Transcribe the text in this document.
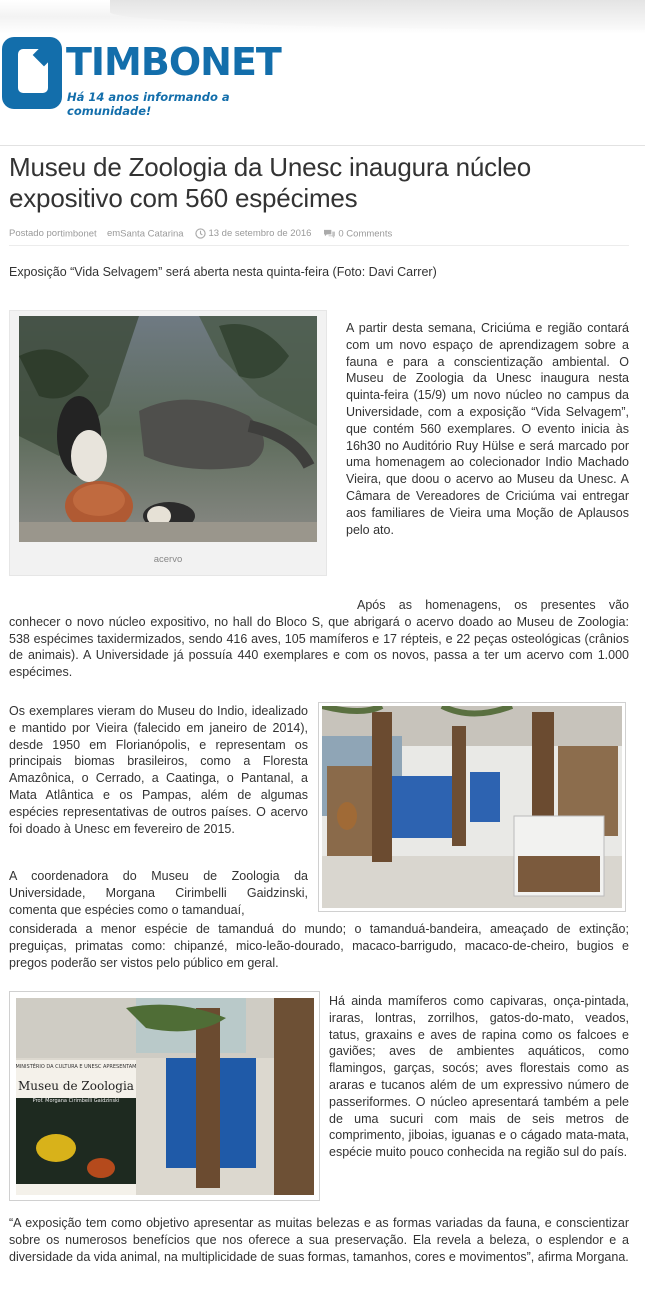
TIMBONET
Há 14 anos informando a comunidade!
Museu de Zoologia da Unesc inaugura núcleo expositivo com 560 espécimes
Postado portimbonet emSanta Catarina	13 de setembro de 2016	0 Comments
Exposição “Vida Selvagem” será aberta nesta quinta-feira (Foto: Davi Carrer)
acervo

A partir desta semana, Criciúma e região contará com um novo espaço de aprendizagem sobre a fauna e para a conscientização ambiental. O Museu de Zoologia da Unesc inaugura nesta quinta-feira (15/9) um novo núcleo no campus da Universidade, com a exposição “Vida Selvagem”, que contém 560 exemplares. O evento inicia às 16h30 no Auditório Ruy Hülse e será marcado por uma homenagem ao colecionador Indio Machado Vieira, que doou o acervo ao Museu da Unesc. A Câmara de Vereadores de Criciúma vai entregar aos familiares de Vieira uma Moção de Aplausos pelo ato.

Após as homenagens, os presentes vão conhecer o novo núcleo expositivo, no hall do Bloco S, que abrigará o acervo doado ao Museu de Zoologia: 538 espécimes taxidermizados, sendo 416 aves, 105 mamíferos e 17 répteis, e 22 peças osteológicas (crânios de animais). A Universidade já possuía 440 exemplares e com os novos, passa a ter um acervo com 1.000 espécimes.

Os exemplares vieram do Museu do Indio, idealizado e mantido por Vieira (falecido em janeiro de 2014), desde 1950 em Florianópolis, e representam os principais biomas brasileiros, como a Floresta Amazônica, o Cerrado, a Caatinga, o Pantanal, a Mata Atlântica e os Pampas, além de algumas espécies representativas de outros países. O acervo foi doado à Unesc em fevereiro de 2015.

A coordenadora do Museu de Zoologia da Universidade, Morgana Cirimbelli Gaidzinski, comenta que espécies como o tamanduaí,

considerada a menor espécie de tamanduá do mundo; o tamanduá-bandeira, ameaçado de extinção; preguiças, primatas como: chipanzé, mico-leão-dourado, macaco-barrigudo, macaco-de-cheiro, bugios e pregos poderão ser vistos pelo público em geral.

MINISTÉRIO DA CULTURA E UNESC APRESENTAM
Museu de Zoologia
Prof. Morgana Cirimbelli Gaidzinski

Há ainda mamíferos como capivaras, onça-pintada, iraras, lontras, zorrilhos, gatos-do-mato, veados, tatus, graxains e aves de rapina como os falcoes e gaviões; aves de ambientes aquáticos, como flamingos, garças, socós; aves florestais como as araras e tucanos além de um expressivo número de passeriformes. O núcleo apresentará também a pele de uma sucuri com mais de seis metros de comprimento, jiboias, iguanas e o cágado mata-mata, espécie muito pouco conhecida na região sul do país.

“A exposição tem como objetivo apresentar as muitas belezas e as formas variadas da fauna, e conscientizar sobre os numerosos benefícios que nos oferece a sua preservação. Ela revela a beleza, o esplendor e a diversidade da vida animal, na multiplicidade de suas formas, tamanhos, cores e movimentos”, afirma Morgana.
